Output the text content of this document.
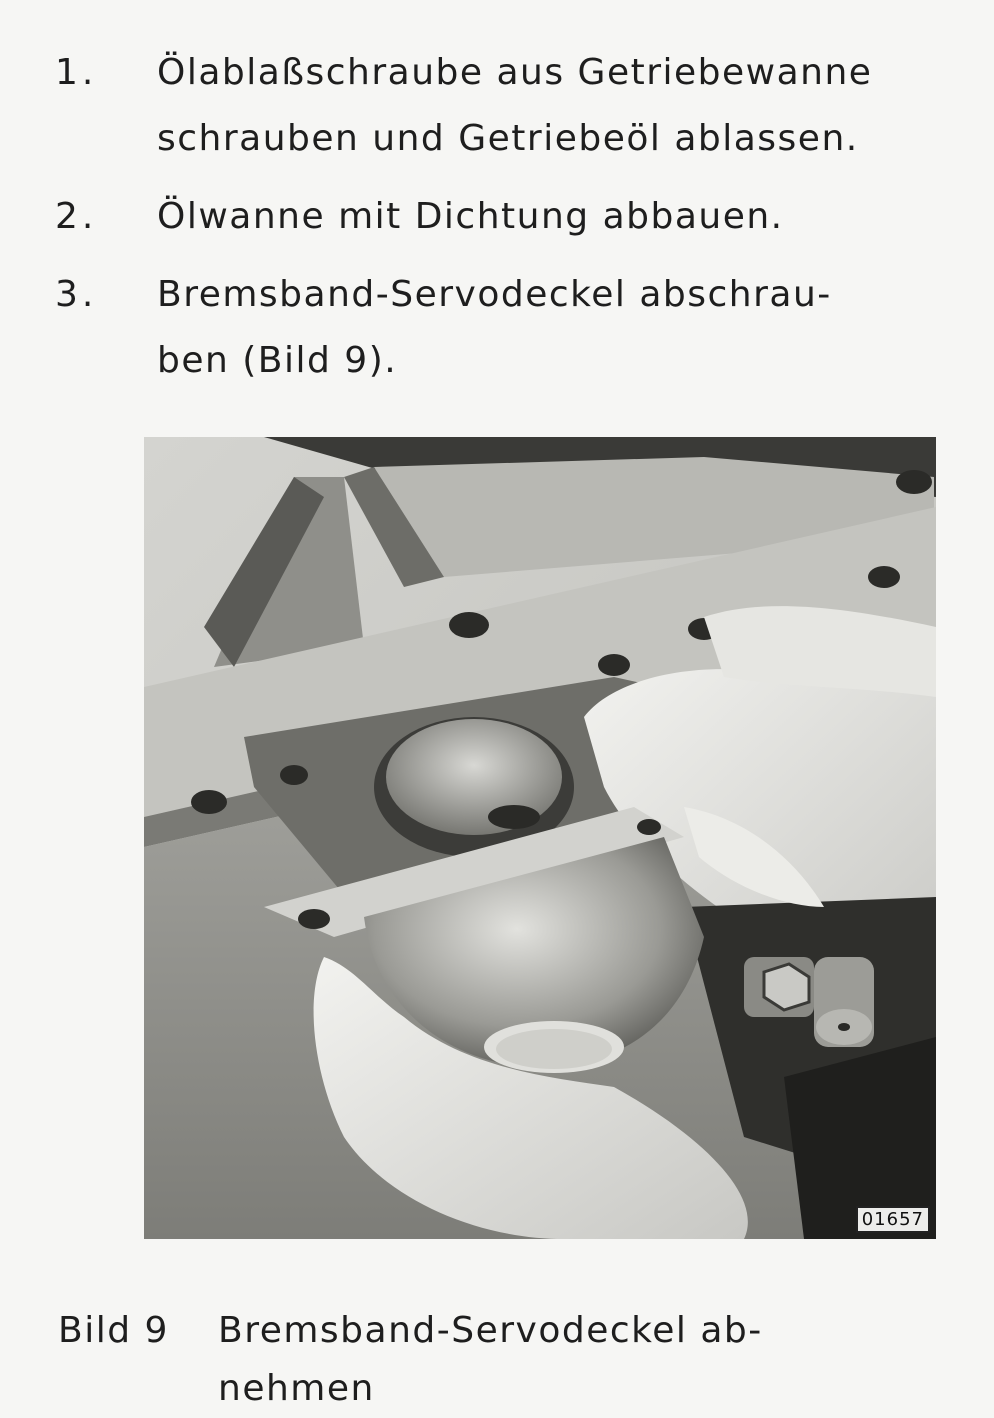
1. Ölablaßschraube aus Getriebewanne
schrauben und Getriebeöl ablassen.
2. Ölwanne mit Dichtung abbauen.
3. Bremsband-Servodeckel abschrau-
ben (Bild 9).
01657
Bild 9 Bremsband-Servodeckel ab-
nehmen
